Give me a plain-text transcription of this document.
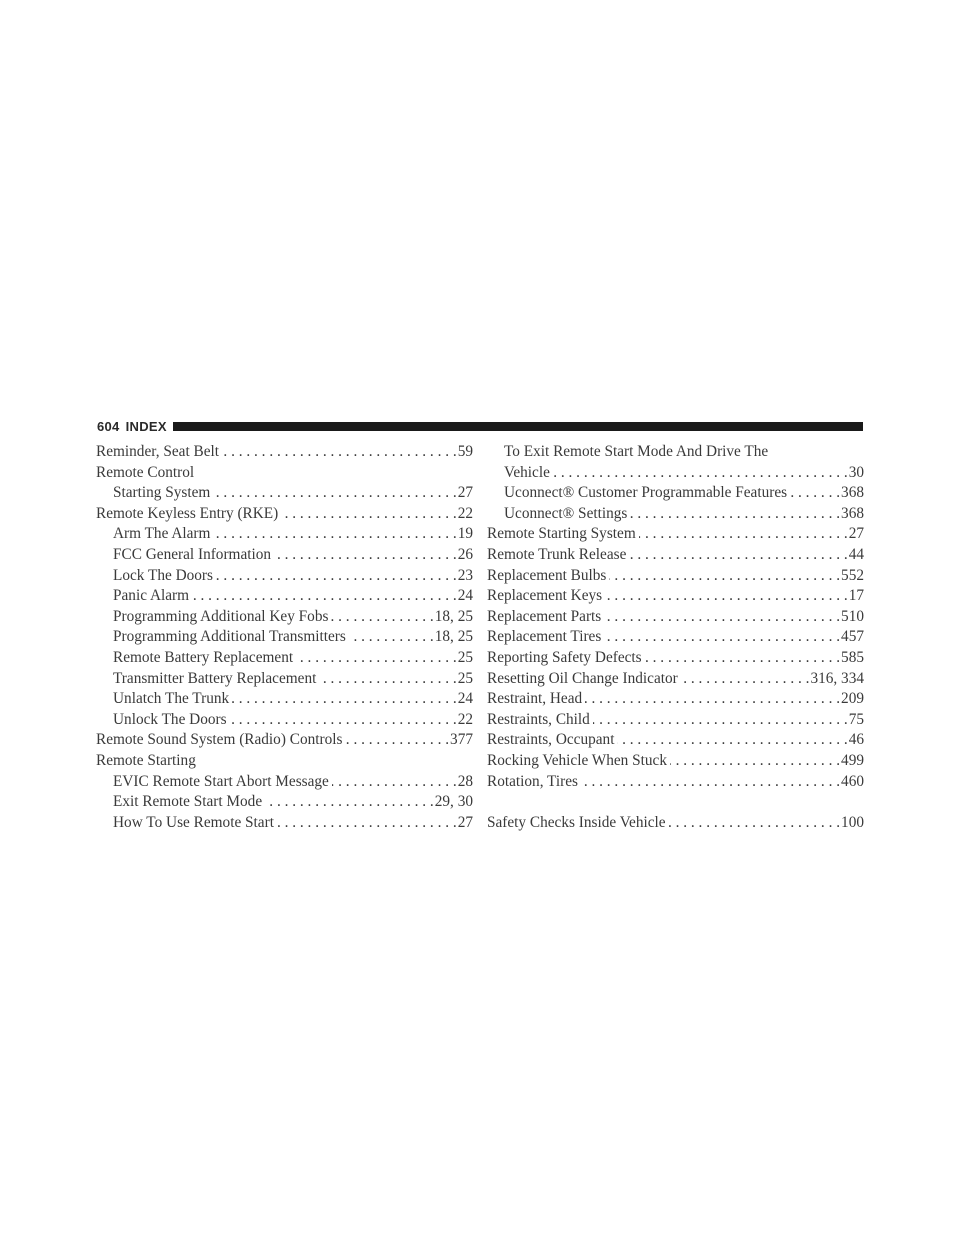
604 INDEX
Reminder, Seat Belt . . .	59
Remote Control
Starting System . . .	27
Remote Keyless Entry (RKE) . . .	22
Arm The Alarm . . .	19
FCC General Information . . .	26
Lock The Doors . . .	23
Panic Alarm . . .	24
Programming Additional Key Fobs . . .	18, 25
Programming Additional Transmitters . . .	18, 25
Remote Battery Replacement . . .	25
Transmitter Battery Replacement . . .	25
Unlatch The Trunk . . .	24
Unlock The Doors . . .	22
Remote Sound System (Radio) Controls . . .	377
Remote Starting
EVIC Remote Start Abort Message . . .	28
Exit Remote Start Mode . . .	29, 30
How To Use Remote Start . . .	27
To Exit Remote Start Mode And Drive The
Vehicle . . .	30
Uconnect® Customer Programmable Features . . .	368
Uconnect® Settings . . .	368
Remote Starting System . . .	27
Remote Trunk Release . . .	44
Replacement Bulbs . . .	552
Replacement Keys . . .	17
Replacement Parts . . .	510
Replacement Tires . . .	457
Reporting Safety Defects . . .	585
Resetting Oil Change Indicator . . .	316, 334
Restraint, Head . . .	209
Restraints, Child . . .	75
Restraints, Occupant . . .	46
Rocking Vehicle When Stuck . . .	499
Rotation, Tires . . .	460
Safety Checks Inside Vehicle . . .	100
